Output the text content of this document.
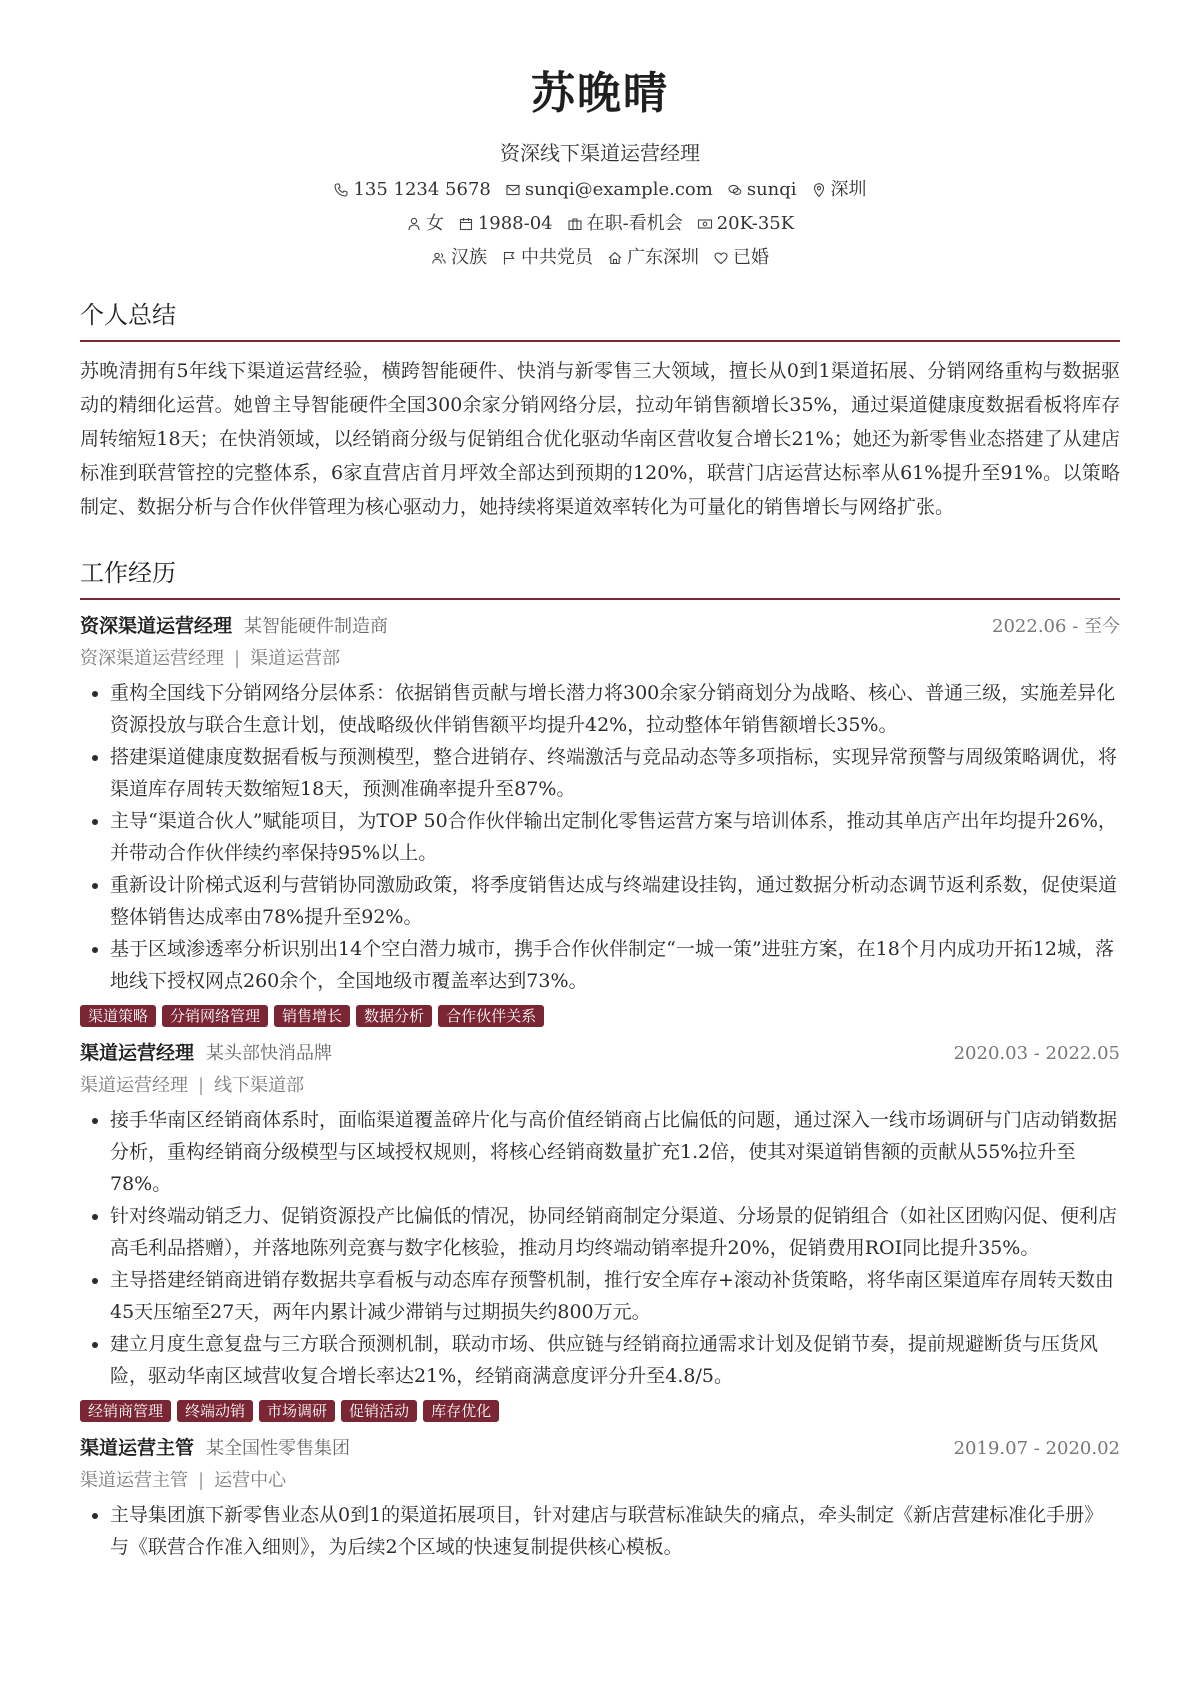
苏晚晴
资深线下渠道运营经理
135 1234 5678 sunqi@example.com sunqi 深圳
女 1988-04 在职-看机会 20K-35K
汉族 中共党员 广东深圳 已婚
个人总结
苏晚清拥有5年线下渠道运营经验，横跨智能硬件、快消与新零售三大领域，擅长从0到1渠道拓展、分销网络重构与数据驱动的精细化运营。她曾主导智能硬件全国300余家分销网络分层，拉动年销售额增长35%，通过渠道健康度数据看板将库存周转缩短18天；在快消领域，以经销商分级与促销组合优化驱动华南区营收复合增长21%；她还为新零售业态搭建了从建店标准到联营管控的完整体系，6家直营店首月坪效全部达到预期的120%，联营门店运营达标率从61%提升至91%。以策略制定、数据分析与合作伙伴管理为核心驱动力，她持续将渠道效率转化为可量化的销售增长与网络扩张。
工作经历
资深渠道运营经理 某智能硬件制造商	2022.06 - 至今
资深渠道运营经理 | 渠道运营部
• 重构全国线下分销网络分层体系：依据销售贡献与增长潜力将300余家分销商划分为战略、核心、普通三级，实施差异化资源投放与联合生意计划，使战略级伙伴销售额平均提升42%，拉动整体年销售额增长35%。
• 搭建渠道健康度数据看板与预测模型，整合进销存、终端激活与竞品动态等多项指标，实现异常预警与周级策略调优，将渠道库存周转天数缩短18天，预测准确率提升至87%。
• 主导“渠道合伙人”赋能项目，为TOP 50合作伙伴输出定制化零售运营方案与培训体系，推动其单店产出年均提升26%，并带动合作伙伴续约率保持95%以上。
• 重新设计阶梯式返利与营销协同激励政策，将季度销售达成与终端建设挂钩，通过数据分析动态调节返利系数，促使渠道整体销售达成率由78%提升至92%。
• 基于区域渗透率分析识别出14个空白潜力城市，携手合作伙伴制定“一城一策”进驻方案，在18个月内成功开拓12城，落地线下授权网点260余个，全国地级市覆盖率达到73%。
渠道策略	分销网络管理	销售增长	数据分析	合作伙伴关系
渠道运营经理 某头部快消品牌	2020.03 - 2022.05
渠道运营经理 | 线下渠道部
• 接手华南区经销商体系时，面临渠道覆盖碎片化与高价值经销商占比偏低的问题，通过深入一线市场调研与门店动销数据分析，重构经销商分级模型与区域授权规则，将核心经销商数量扩充1.2倍，使其对渠道销售额的贡献从55%拉升至78%。
• 针对终端动销乏力、促销资源投产比偏低的情况，协同经销商制定分渠道、分场景的促销组合（如社区团购闪促、便利店高毛利品搭赠），并落地陈列竞赛与数字化核验，推动月均终端动销率提升20%，促销费用ROI同比提升35%。
• 主导搭建经销商进销存数据共享看板与动态库存预警机制，推行安全库存+滚动补货策略，将华南区渠道库存周转天数由45天压缩至27天，两年内累计减少滞销与过期损失约800万元。
• 建立月度生意复盘与三方联合预测机制，联动市场、供应链与经销商拉通需求计划及促销节奏，提前规避断货与压货风险，驱动华南区域营收复合增长率达21%，经销商满意度评分升至4.8/5。
经销商管理	终端动销	市场调研	促销活动	库存优化
渠道运营主管 某全国性零售集团	2019.07 - 2020.02
渠道运营主管 | 运营中心
• 主导集团旗下新零售业态从0到1的渠道拓展项目，针对建店与联营标准缺失的痛点，牵头制定《新店营建标准化手册》与《联营合作准入细则》，为后续2个区域的快速复制提供核心模板。
